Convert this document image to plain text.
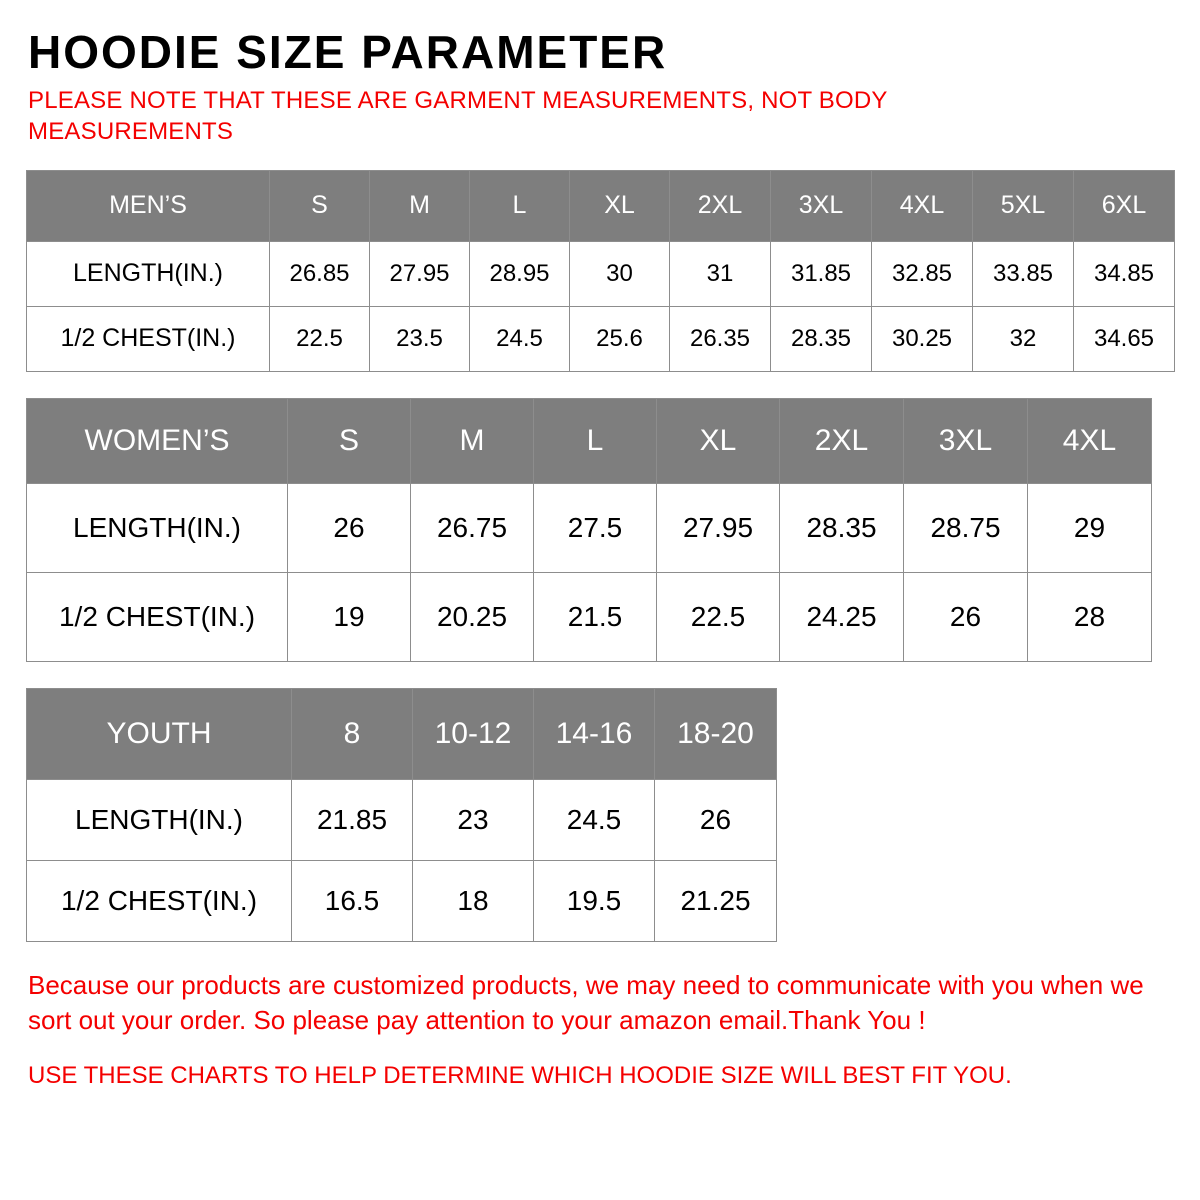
HOODIE SIZE PARAMETER

PLEASE NOTE THAT THESE ARE GARMENT MEASUREMENTS, NOT BODY MEASUREMENTS

MEN’S	S	M	L	XL	2XL	3XL	4XL	5XL	6XL
LENGTH(IN.)	26.85	27.95	28.95	30	31	31.85	32.85	33.85	34.85
1/2 CHEST(IN.)	22.5	23.5	24.5	25.6	26.35	28.35	30.25	32	34.65
WOMEN’S	S	M	L	XL	2XL	3XL	4XL
LENGTH(IN.)	26	26.75	27.5	27.95	28.35	28.75	29
1/2 CHEST(IN.)	19	20.25	21.5	22.5	24.25	26	28
YOUTH	8	10-12	14-16	18-20
LENGTH(IN.)	21.85	23	24.5	26
1/2 CHEST(IN.)	16.5	18	19.5	21.25

Because our products are customized products, we may need to communicate with you when we sort out your order. So please pay attention to your amazon email.Thank You !

USE THESE CHARTS TO HELP DETERMINE WHICH HOODIE SIZE WILL BEST FIT YOU.
